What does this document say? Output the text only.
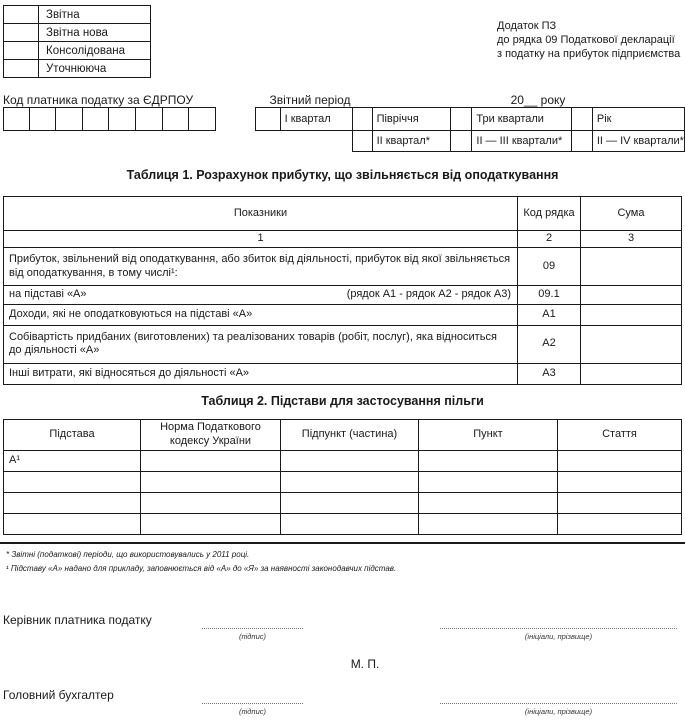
	Звітна
	Звітна нова
	Консолідована
	Уточнююча
Додаток ПЗ
до рядка 09 Податкової декларації
з податку на прибуток підприємства
Код платника податку за ЄДРПОУ	Звітний період	20__ року
	І квартал		Півріччя		Три квартали		Рік
			ІІ квартал*		ІІ — ІІІ квартали*		ІІ — ІV квартали*
Таблиця 1. Розрахунок прибутку, що звільняється від оподаткування
Показники	Код рядка	Сума
1	2	3
Прибуток, звільнений від оподаткування, або збиток від діяльності, прибуток від якої звільняється від оподаткування, в тому числі¹:	09	

на підставі «А» (рядок А1 - рядок А2 - рядок А3)	09.1	
Доходи, які не оподатковуються на підставі «А»	А1	
Собівартість придбаних (виготовлених) та реалізованих товарів (робіт, послуг), яка відноситься до діяльності «А»	А2	
Інші витрати, які відносяться до діяльності «А»	А3	
Таблиця 2. Підстави для застосування пільги
Підстава	Норма Податкового кодексу України	Підпункт (частина)	Пункт	Стаття
А¹				

* Звітні (податкові) періоди, що використовувались у 2011 році.
¹ Підставу «А» надано для прикладу, заповнюється від «А» до «Я» за наявності законодавчих підстав.
Керівник платника податку
(підпис)	(ініціали, прізвище)
М. П.
Головний бухгалтер
(підпис)	(ініціали, прізвище)
